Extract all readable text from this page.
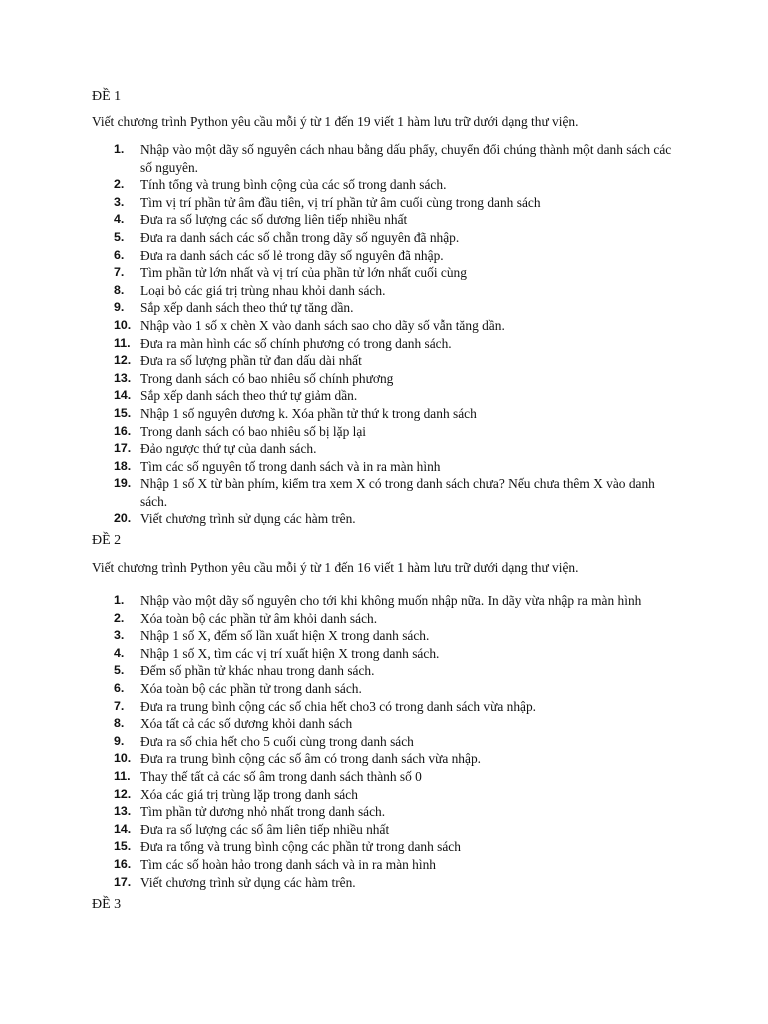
ĐỀ 1
Viết chương trình Python yêu cầu mỗi ý từ 1 đến 19 viết 1 hàm lưu trữ dưới dạng thư viện.
1.	Nhập vào một dãy số nguyên cách nhau bằng dấu phẩy, chuyển đổi chúng thành một danh sách các số nguyên.
2.	Tính tổng và trung bình cộng của các số trong danh sách.
3.	Tìm vị trí phần tử âm đầu tiên, vị trí phần tử âm cuối cùng trong danh sách
4.	Đưa ra số lượng các số dương liên tiếp nhiều nhất
5.	Đưa ra danh sách các số chẵn trong dãy số nguyên đã nhập.
6.	Đưa ra danh sách các số lẻ trong dãy số nguyên đã nhập.
7.	Tìm phần tử lớn nhất và vị trí của phần tử lớn nhất cuối cùng
8.	Loại bỏ các giá trị trùng nhau khỏi danh sách.
9.	Sắp xếp danh sách theo thứ tự tăng dần.
10. Nhập vào 1 số x chèn X vào danh sách sao cho dãy số vẫn tăng dần.
11. Đưa ra màn hình các số chính phương có trong danh sách.
12. Đưa ra số lượng phần tử đan dấu dài nhất
13. Trong danh sách có bao nhiêu số chính phương
14. Sắp xếp danh sách theo thứ tự giảm dần.
15. Nhập 1 số nguyên dương k. Xóa phần tử thứ k trong danh sách
16. Trong danh sách có bao nhiêu số bị lặp lại
17. Đảo ngược thứ tự của danh sách.
18. Tìm các số nguyên tố trong danh sách và in ra màn hình
19. Nhập 1 số X từ bàn phím, kiểm tra xem X có trong danh sách chưa? Nếu chưa thêm X vào danh sách.
20. Viết chương trình sử dụng các hàm trên.
ĐỀ 2
Viết chương trình Python yêu cầu mỗi ý từ 1 đến 16 viết 1 hàm lưu trữ dưới dạng thư viện.
1.	Nhập vào một dãy số nguyên cho tới khi không muốn nhập nữa. In dãy vừa nhập ra màn hình
2.	Xóa toàn bộ các phần tử âm khỏi danh sách.
3.	Nhập 1 số X, đếm số lần xuất hiện X trong danh sách.
4.	Nhập 1 số X, tìm các vị trí xuất hiện X trong danh sách.
5.	Đếm số phần tử khác nhau trong danh sách.
6.	Xóa toàn bộ các phần tử trong danh sách.
7.	Đưa ra trung bình cộng các số chia hết cho3 có trong danh sách vừa nhập.
8.	Xóa tất cả các số dương khỏi danh sách
9.	Đưa ra số chia hết cho 5 cuối cùng trong danh sách
10. Đưa ra trung bình cộng các số âm có trong danh sách vừa nhập.
11. Thay thế tất cả các số âm trong danh sách thành số 0
12. Xóa các giá trị trùng lặp trong danh sách
13. Tìm phần tử dương nhỏ nhất trong danh sách.
14. Đưa ra số lượng các số âm liên tiếp nhiều nhất
15. Đưa ra tổng và trung bình cộng các phần tử trong danh sách
16. Tìm các số hoàn hảo trong danh sách và in ra màn hình
17. Viết chương trình sử dụng các hàm trên.
ĐỀ 3
